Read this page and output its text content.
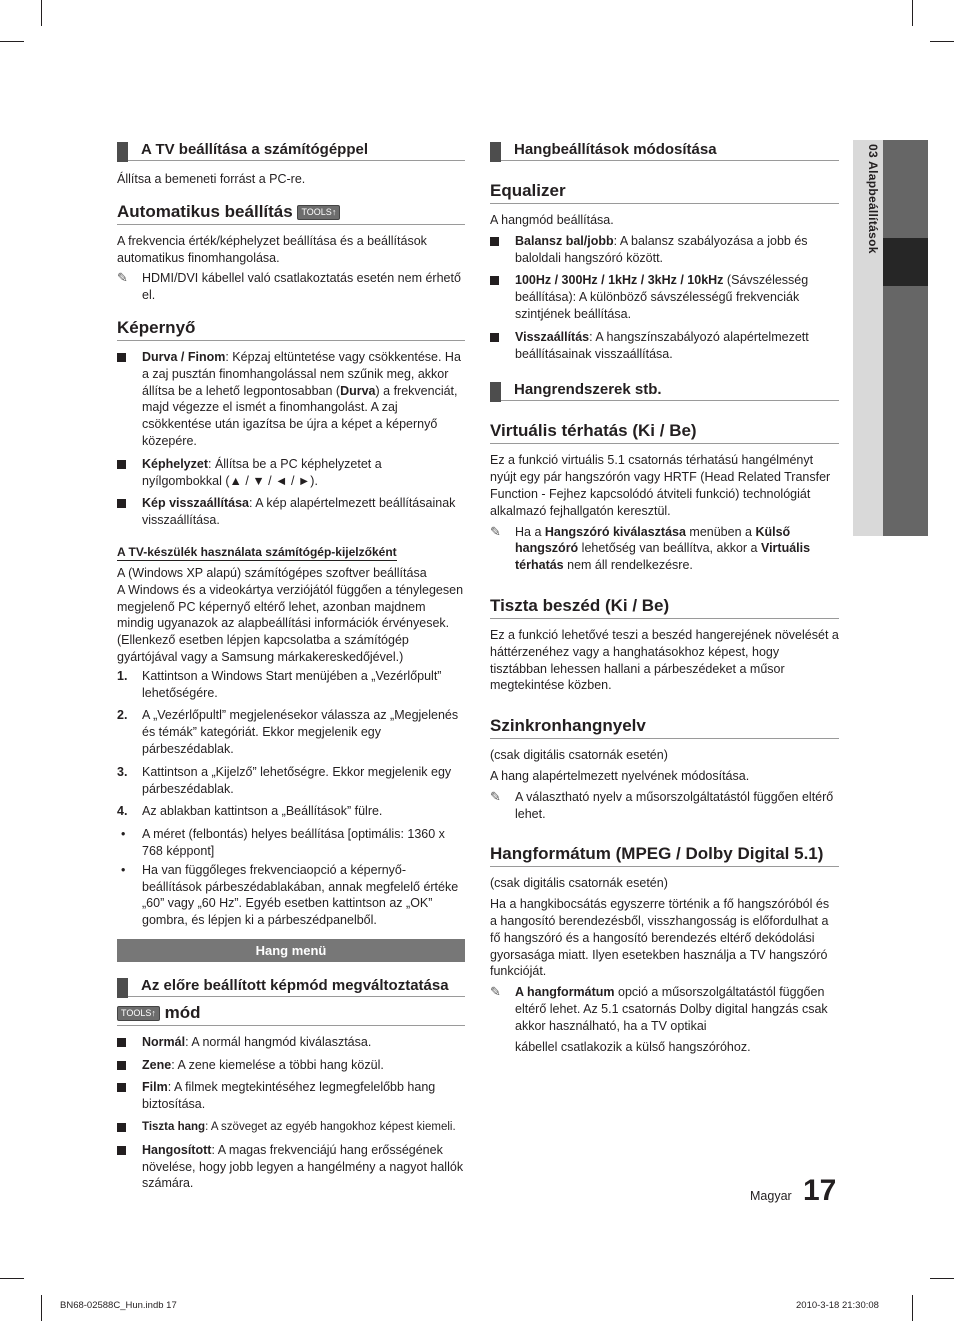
A TV beállítása a számítógéppel

Állítsa a bemeneti forrást a PC-re.

Automatikus beállítás TOOLS↑

A frekvencia érték/képhelyzet beállítása és a beállítások automatikus finomhangolása.

✎ HDMI/DVI kábellel való csatlakoztatás esetén nem érhető el.
Képernyő
Durva / Finom: Képzaj eltüntetése vagy csökkentése. Ha a zaj pusztán finomhangolással nem szűnik meg, akkor állítsa be a lehető legpontosabban (Durva) a frekvenciát, majd végezze el ismét a finomhangolást. A zaj csökkentése után igazítsa be újra a képet a képernyő közepére.
Képhelyzet: Állítsa be a PC képhelyzetet a nyílgombokkal (▲ / ▼ / ◄ / ►).
Kép visszaállítása: A kép alapértelmezett beállításainak visszaállítása.
A TV-készülék használata számítógép-kijelzőként

A (Windows XP alapú) számítógépes szoftver beállítása

A Windows és a videokártya verziójától függően a ténylegesen megjelenő PC képernyő eltérő lehet, azonban majdnem mindig ugyanazok az alapbeállítási információk érvényesek. (Ellenkező esetben lépjen kapcsolatba a számítógép gyártójával vagy a Samsung márkakereskedőjével.)

1. Kattintson a Windows Start menüjében a „Vezérlőpult” lehetőségére.
2. A „Vezérlőpultl” megjelenésekor válassza az „Megjelenés és témák” kategóriát. Ekkor megjelenik egy párbeszédablak.
3. Kattintson a „Kijelző” lehetőségre. Ekkor megjelenik egy párbeszédablak.
4. Az ablakban kattintson a „Beállítások” fülre.
• A méret (felbontás) helyes beállítása [optimális: 1360 x 768 képpont]
• Ha van függőleges frekvenciaopció a képernyő-beállítások párbeszédablakában, annak megfelelő értéke „60” vagy „60 Hz”. Egyéb esetben kattintson az „OK” gombra, és lépjen ki a párbeszédpanelből.
Hang menü
Az előre beállított képmód megváltoztatása
TOOLS↑ mód
Normál: A normál hangmód kiválasztása.
Zene: A zene kiemelése a többi hang közül.
Film: A filmek megtekintéséhez legmegfelelőbb hang biztosítása.
Tiszta hang: A szöveget az egyéb hangokhoz képest kiemeli.
Hangosított: A magas frekvenciájú hang erősségének növelése, hogy jobb legyen a hangélmény a nagyot hallók számára.
Hangbeállítások módosítása
Equalizer

A hangmód beállítása.

Balansz bal/jobb: A balansz szabályozása a jobb és baloldali hangszóró között.
100Hz / 300Hz / 1kHz / 3kHz / 10kHz (Sávszélesség beállítása): A különböző sávszélességű frekvenciák szintjének beállítása.
Visszaállítás: A hangszínszabályozó alapértelmezett beállításainak visszaállítása.
Hangrendszerek stb.
Virtuális térhatás (Ki / Be)

Ez a funkció virtuális 5.1 csatornás térhatású hangélményt nyújt egy pár hangszórón vagy HRTF (Head Related Transfer Function - Fejhez kapcsolódó átviteli funkció) technológiát alkalmazó fejhallgatón keresztül.

✎ Ha a Hangszóró kiválasztása menüben a Külső hangszóró lehetőség van beállítva, akkor a Virtuális térhatás nem áll rendelkezésre.
Tiszta beszéd (Ki / Be)

Ez a funkció lehetővé teszi a beszéd hangerejének növelését a háttérzenéhez vagy a hanghatásokhoz képest, hogy tisztábban lehessen hallani a párbeszédeket a műsor megtekintése közben.

Szinkronhangnyelv

(csak digitális csatornák esetén)

A hang alapértelmezett nyelvének módosítása.

✎ A választható nyelv a műsorszolgáltatástól függően eltérő lehet.
Hangformátum (MPEG / Dolby Digital 5.1)

(csak digitális csatornák esetén)

Ha a hangkibocsátás egyszerre történik a fő hangszóróból és a hangosító berendezésből, visszhangosság is előfordulhat a fő hangszóró és a hangosító berendezés eltérő dekódolási gyorsasága miatt. Ilyen esetekben használja a TV hangszóró funkcióját.

✎ A hangformátum opció a műsorszolgáltatástól függően eltérő lehet. Az 5.1 csatornás Dolby digital hangzás csak akkor használható, ha a TV optikai
kábellel csatlakozik a külső hangszóróhoz.
03 Alapbeállítások
Magyar 17
BN68-02588C_Hun.indb 17	2010-3-18 21:30:08
